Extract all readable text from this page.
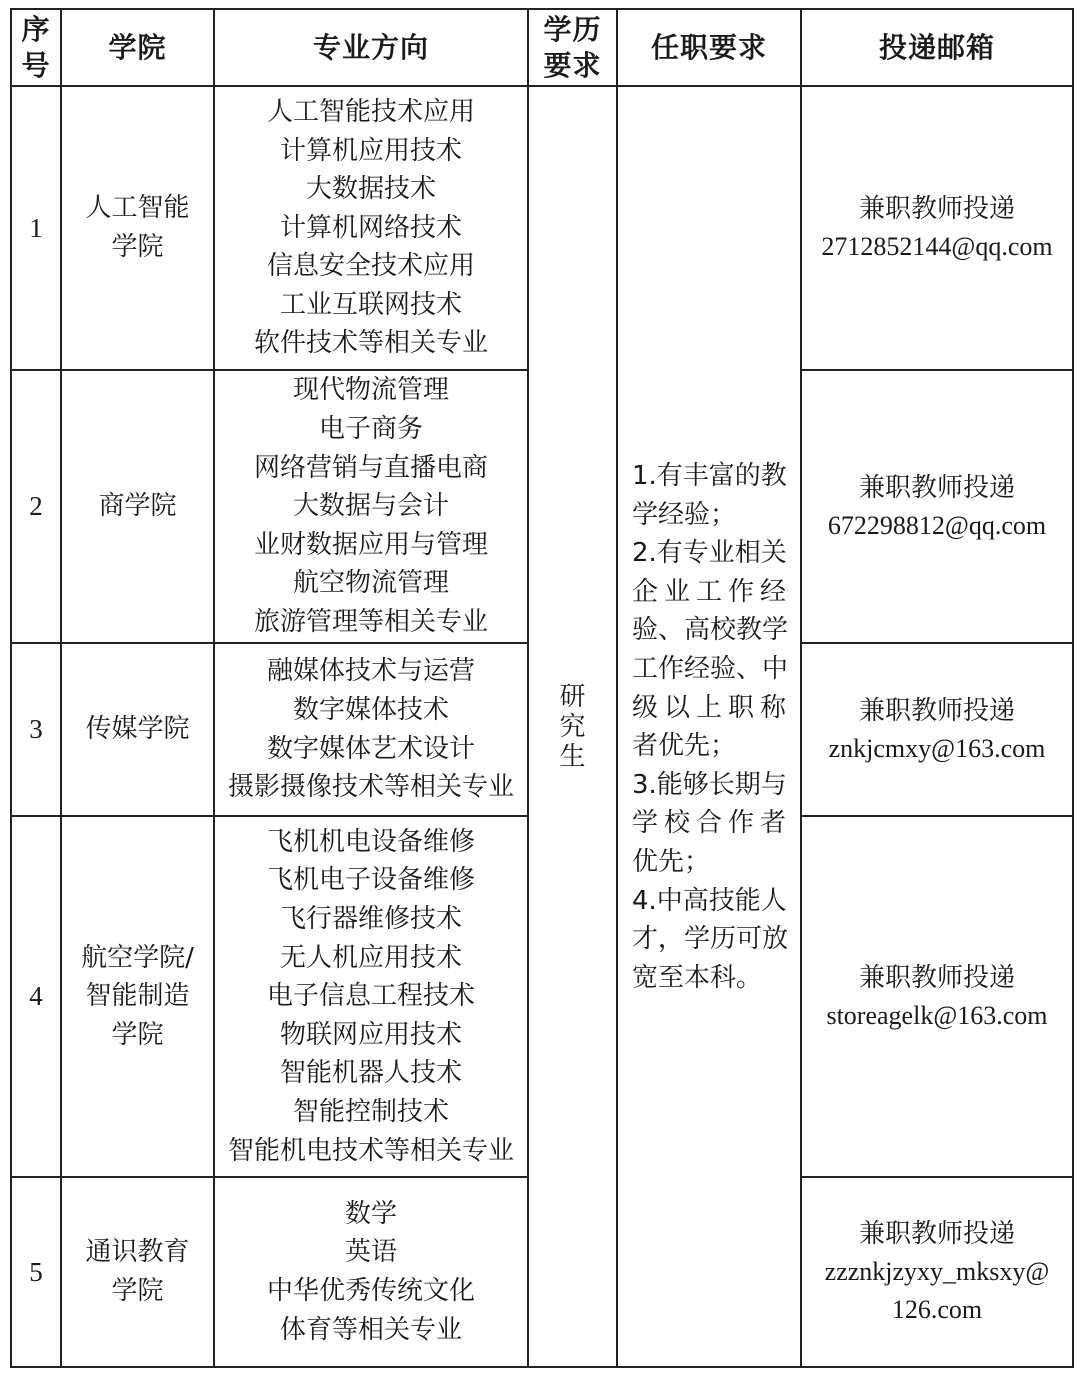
序
号
学院	专业方向
学历
要求
任职要求	投递邮箱
研
究
生
1.有丰富的教
学经验；
2.有专业相关
企业工作经
验、高校教学
工作经验、中
级以上职称
者优先；
3.能够长期与
学校合作者
优先；
4.中高技能人
才，学历可放
宽至本科。
1
人工智能
学院
人工智能技术应用
计算机应用技术
大数据技术
计算机网络技术
信息安全技术应用
工业互联网技术
软件技术等相关专业
兼职教师投递
2712852144@qq.com
2 商学院
现代物流管理
电子商务
网络营销与直播电商
大数据与会计
业财数据应用与管理
航空物流管理
旅游管理等相关专业
兼职教师投递
672298812@qq.com
3 传媒学院
融媒体技术与运营
数字媒体技术
数字媒体艺术设计
摄影摄像技术等相关专业
兼职教师投递
znkjcmxy@163.com
4
航空学院/
智能制造
学院
飞机机电设备维修
飞机电子设备维修
飞行器维修技术
无人机应用技术
电子信息工程技术
物联网应用技术
智能机器人技术
智能控制技术
智能机电技术等相关专业
兼职教师投递
storeagelk@163.com
5
通识教育
学院
数学
英语
中华优秀传统文化
体育等相关专业
兼职教师投递
zzznkjzyxy_mksxy@
126.com
